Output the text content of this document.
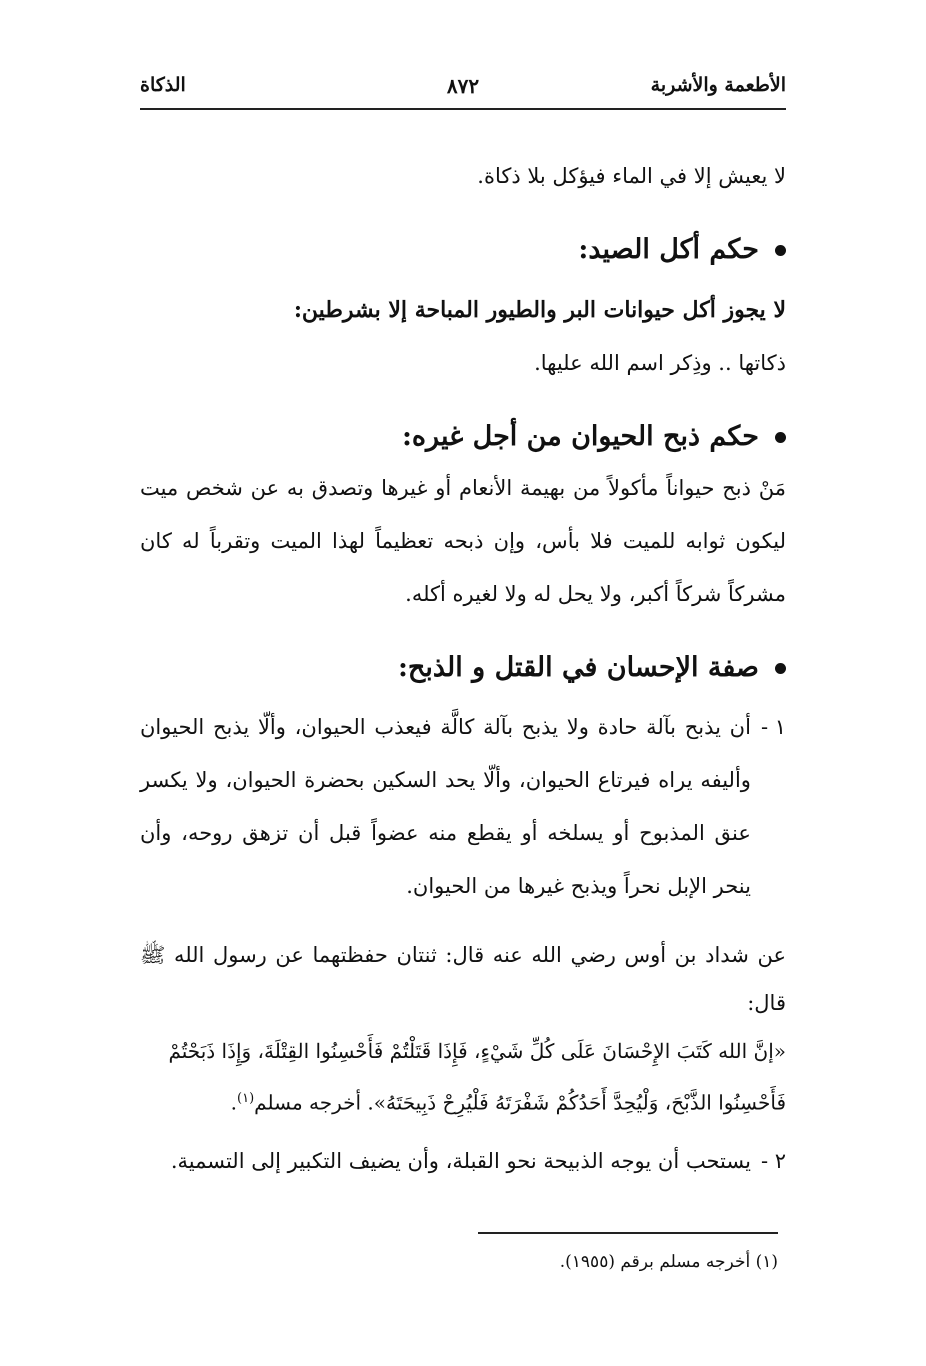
الأطعمة والأشربة
٨٧٢
الذكاة

لا يعيش إلا في الماء فيؤكل بلا ذكاة.

حكم أكل الصيد:

لا يجوز أكل حيوانات البر والطيور المباحة إلا بشرطين:

ذكاتها .. وذِكر اسم الله عليها.

حكم ذبح الحيوان من أجل غيره:

مَنْ ذبح حيواناً مأكولاً من بهيمة الأنعام أو غيرها وتصدق به عن شخص ميت ليكون ثوابه للميت فلا بأس، وإن ذبحه تعظيماً لهذا الميت وتقرباً له كان مشركاً شركاً أكبر، ولا يحل له ولا لغيره أكله.

صفة الإحسان في القتل و الذبح:
١ -
أن يذبح بآلة حادة ولا يذبح بآلة كالَّة فيعذب الحيوان، وألّا يذبح الحيوان وأليفه يراه فيرتاع الحيوان، وألّا يحد السكين بحضرة الحيوان، ولا يكسر عنق المذبوح أو يسلخه أو يقطع منه عضواً قبل أن تزهق روحه، وأن ينحر الإبل نحراً ويذبح غيرها من الحيوان.

عن شداد بن أوس رضي الله عنه قال: ثنتان حفظتهما عن رسول الله ﷺ قال:

«إنَّ الله كَتَبَ الإِحْسَانَ عَلَى كُلِّ شَيْءٍ، فَإِذَا قَتَلْتُمْ فَأَحْسِنُوا القِتْلَةَ، وَإِذَا ذَبَحْتُمْ

فَأَحْسِنُوا الذَّبْحَ، وَلْيُحِدَّ أَحَدُكُمْ شَفْرَتَهُ فَلْيُرِحْ ذَبِيحَتَهُ». أخرجه مسلم$^{(١)}$.

٢ -
يستحب أن يوجه الذبيحة نحو القبلة، وأن يضيف التكبير إلى التسمية.
(١) أخرجه مسلم برقم (١٩٥٥).
